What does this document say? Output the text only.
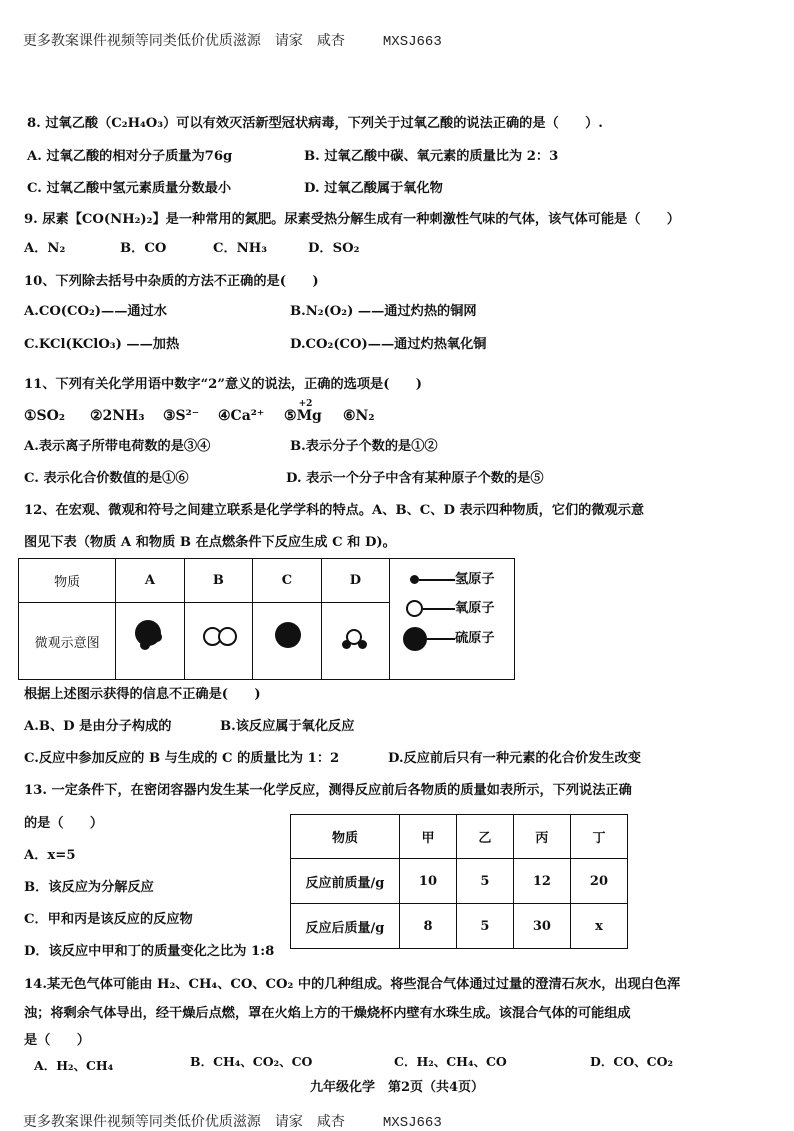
更多教案课件视频等同类低价优质滋源　请家　咸杏	MXSJ663

8. 过氧乙酸（C₂H₄O₃）可以有效灭活新型冠状病毒，下列关于过氧乙酸的说法正确的是（　　）.
A. 过氧乙酸的相对分子质量为76g	B. 过氧乙酸中碳、氧元素的质量比为 2：3
C. 过氧乙酸中氢元素质量分数最小	D. 过氧乙酸属于氧化物
9. 尿素【CO(NH₂)₂】是一种常用的氮肥。尿素受热分解生成有一种刺激性气味的气体，该气体可能是（　　）
A．N₂	B．CO	C．NH₃	D．SO₂
10、下列除去括号中杂质的方法不正确的是(　　)
A.CO(CO₂)——通过水	B.N₂(O₂) ——通过灼热的铜网
C.KCl(KClO₃) ——加热	D.CO₂(CO)——通过灼热氧化铜
11、下列有关化学用语中数字“2”意义的说法，正确的选项是(　　)
①SO₂ ②2NH₃ ③S²⁻ ④Ca²⁺ ⑤
+2
Mg ⑥N₂
A.表示离子所带电荷数的是③④	B.表示分子个数的是①②
C. 表示化合价数值的是①⑥	D. 表示一个分子中含有某种原子个数的是⑤
12、在宏观、微观和符号之间建立联系是化学学科的特点。A、B、C、D 表示四种物质，它们的微观示意
图见下表（物质 A 和物质 B 在点燃条件下反应生成 C 和 D)。
物质	A	B	C	D	
微观示意图					
氢原子
氧原子
硫原子
根据上述图示获得的信息不正确是(　　)
A.B、D 是由分子构成的	B.该反应属于氧化反应
C.反应中参加反应的 B 与生成的 C 的质量比为 1：2	D.反应前后只有一种元素的化合价发生改变
13. 一定条件下，在密闭容器内发生某一化学反应，测得反应前后各物质的质量如表所示，下列说法正确
的是（　　）
A．x=5
B．该反应为分解反应
C．甲和丙是该反应的反应物
D．该反应中甲和丁的质量变化之比为 1:8
物质	甲	乙	丙	丁
反应前质量/g	10	5	12	20
反应后质量/g	8	5	30	x
14.某无色气体可能由 H₂、CH₄、CO、CO₂ 中的几种组成。将些混合气体通过过量的澄清石灰水，出现白色浑
浊；将剩余气体导出，经干燥后点燃，罩在火焰上方的干燥烧杯内壁有水珠生成。该混合气体的可能组成
是（　　）
A．H₂、CH₄	B．CH₄、CO₂、CO	C．H₂、CH₄、CO	D．CO、CO₂
九年级化学　第2页（共4页）

更多教案课件视频等同类低价优质滋源　请家　咸杏	MXSJ663
